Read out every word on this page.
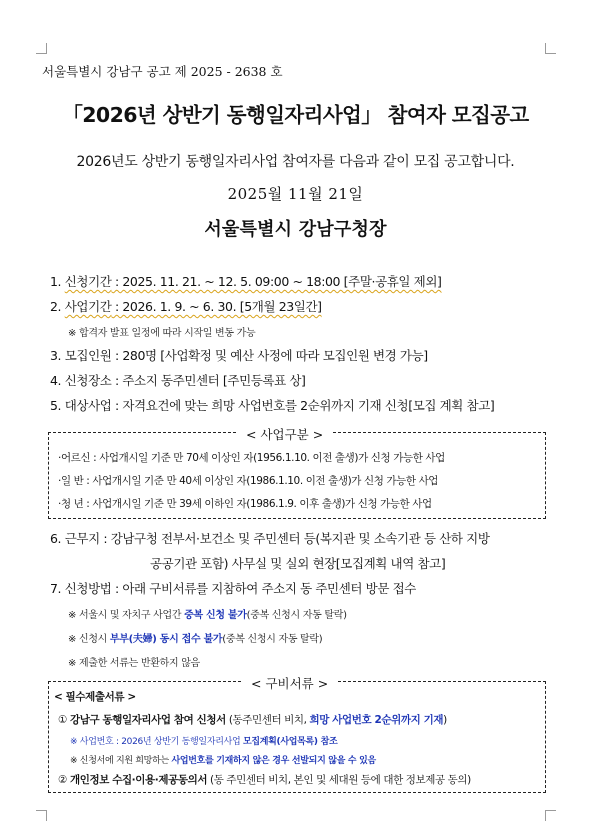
서울특별시 강남구 공고 제 2025 - 2638 호
「2026년 상반기 동행일자리사업」 참여자 모집공고
2026년도 상반기 동행일자리사업 참여자를 다음과 같이 모집 공고합니다.
2025월 11월 21일
서울특별시 강남구청장
1. 신청기간 : 2025. 11. 21. ~ 12. 5. 09:00 ~ 18:00 [주말·공휴일 제외]
2. 사업기간 : 2026. 1. 9. ~ 6. 30. [5개월 23일간]
※ 합격자 발표 일정에 따라 시작일 변동 가능
3. 모집인원 : 280명 [사업확정 및 예산 사정에 따라 모집인원 변경 가능]
4. 신청장소 : 주소지 동주민센터 [주민등록표 상]
5. 대상사업 : 자격요건에 맞는 희망 사업번호를 2순위까지 기재 신청[모집 계획 참고]
< 사업구분 >
·어르신 : 사업개시일 기준 만 70세 이상인 자(1956.1.10. 이전 출생)가 신청 가능한 사업
·일 반 : 사업개시일 기준 만 40세 이상인 자(1986.1.10. 이전 출생)가 신청 가능한 사업
·청 년 : 사업개시일 기준 만 39세 이하인 자(1986.1.9. 이후 출생)가 신청 가능한 사업
6. 근무지 : 강남구청 전부서·보건소 및 주민센터 등(복지관 및 소속기관 등 산하 지방
공공기관 포함) 사무실 및 실외 현장[모집계획 내역 참고]
7. 신청방법 : 아래 구비서류를 지참하여 주소지 동 주민센터 방문 접수
※ 서울시 및 자치구 사업간 중복 신청 불가(중복 신청시 자동 탈락)
※ 신청시 부부(夫婦) 동시 접수 불가(중복 신청시 자동 탈락)
※ 제출한 서류는 반환하지 않음
< 구비서류 >
< 필수제출서류 >
① 강남구 동행일자리사업 참여 신청서 (동주민센터 비치, 희망 사업번호 2순위까지 기재)
※ 사업번호 : 2026년 상반기 동행일자리사업 모집계획(사업목록) 참조
※ 신청서에 지원 희망하는 사업번호를 기재하지 않은 경우 선발되지 않을 수 있음
② 개인정보 수집·이용·제공동의서 (동 주민센터 비치, 본인 및 세대원 등에 대한 정보제공 동의)
